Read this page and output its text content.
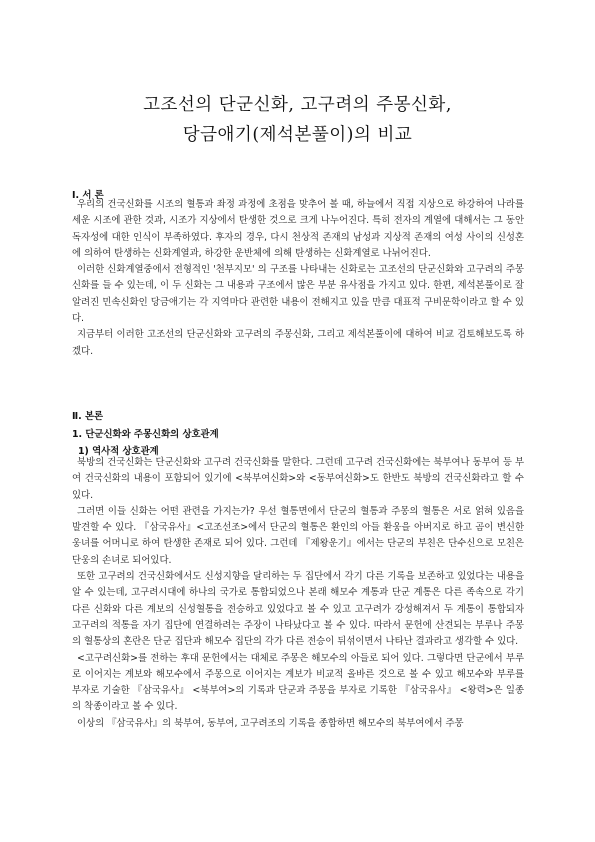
고조선의 단군신화, 고구려의 주몽신화,
당금애기(제석본풀이)의 비교
Ⅰ. 서 론

우리의 건국신화를 시조의 혈통과 좌정 과정에 초점을 맞추어 볼 때, 하늘에서 직접 지상으로 하강하여 나라를 세운 시조에 관한 것과, 시조가 지상에서 탄생한 것으로 크게 나누어진다. 특히 전자의 계열에 대해서는 그 동안 독자성에 대한 인식이 부족하였다. 후자의 경우, 다시 천상적 존재의 남성과 지상적 존재의 여성 사이의 신성혼에 의하여 탄생하는 신화계열과, 하강한 운반체에 의해 탄생하는 신화계열로 나뉘어진다.

이러한 신화계열중에서 전형적인 '천부지모' 의 구조를 나타내는 신화로는 고조선의 단군신화와 고구려의 주몽신화를 들 수 있는데, 이 두 신화는 그 내용과 구조에서 많은 부분 유사점을 가지고 있다. 한편, 제석본풀이로 잘 알려진 민속신화인 당금애기는 각 지역마다 관련한 내용이 전해지고 있을 만큼 대표적 구비문학이라고 할 수 있다.

지금부터 이러한 고조선의 단군신화와 고구려의 주몽신화, 그리고 제석본풀이에 대하여 비교 검토해보도록 하겠다.

Ⅱ. 본론
1. 단군신화와 주몽신화의 상호관계
1) 역사적 상호관계

북방의 건국신화는 단군신화와 고구려 건국신화를 말한다. 그런데 고구려 건국신화에는 북부여나 동부여 등 부여 건국신화의 내용이 포함되어 있기에 <북부여신화>와 <동부여신화>도 한반도 북방의 건국신화라고 할 수 있다.

그러면 이들 신화는 어떤 관련을 가지는가? 우선 혈통면에서 단군의 혈통과 주몽의 혈통은 서로 얽혀 있음을 발견할 수 있다. 『삼국유사』<고조선조>에서 단군의 혈통은 환인의 아들 환웅을 아버지로 하고 곰이 변신한 웅녀를 어머니로 하여 탄생한 존재로 되어 있다. 그런데 『제왕운기』에서는 단군의 부친은 단수신으로 모친은 단웅의 손녀로 되어있다.

또한 고구려의 건국신화에서도 신성지향을 달리하는 두 집단에서 각기 다른 기록을 보존하고 있었다는 내용을 알 수 있는데, 고구려시대에 하나의 국가로 통합되었으나 본래 해모수 계통과 단군 계통은 다른 족속으로 각기 다른 신화와 다른 계보의 신성혈통을 전승하고 있었다고 볼 수 있고 고구려가 강성해져서 두 계통이 통합되자 고구려의 적통을 자기 집단에 연결하려는 주장이 나타났다고 볼 수 있다. 따라서 문헌에 산견되는 부루나 주몽의 혈통상의 혼란은 단군 집단과 해모수 집단의 각가 다른 전승이 뒤섞이면서 나타난 결과라고 생각할 수 있다.

<고구려신화>를 전하는 후대 문헌에서는 대체로 주몽은 해모수의 아들로 되어 있다. 그렇다면 단군에서 부루로 이어지는 계보와 해모수에서 주몽으로 이어지는 계보가 비교적 올바른 것으로 볼 수 있고 해모수와 부루를 부자로 기술한 『삼국유사』 <북부여>의 기록과 단군과 주몽을 부자로 기록한 『삼국유사』 <왕력>은 일종의 착종이라고 볼 수 있다.

이상의 『삼국유사』의 북부여, 동부여, 고구려조의 기록을 종합하면 해모수의 북부여에서 주몽
